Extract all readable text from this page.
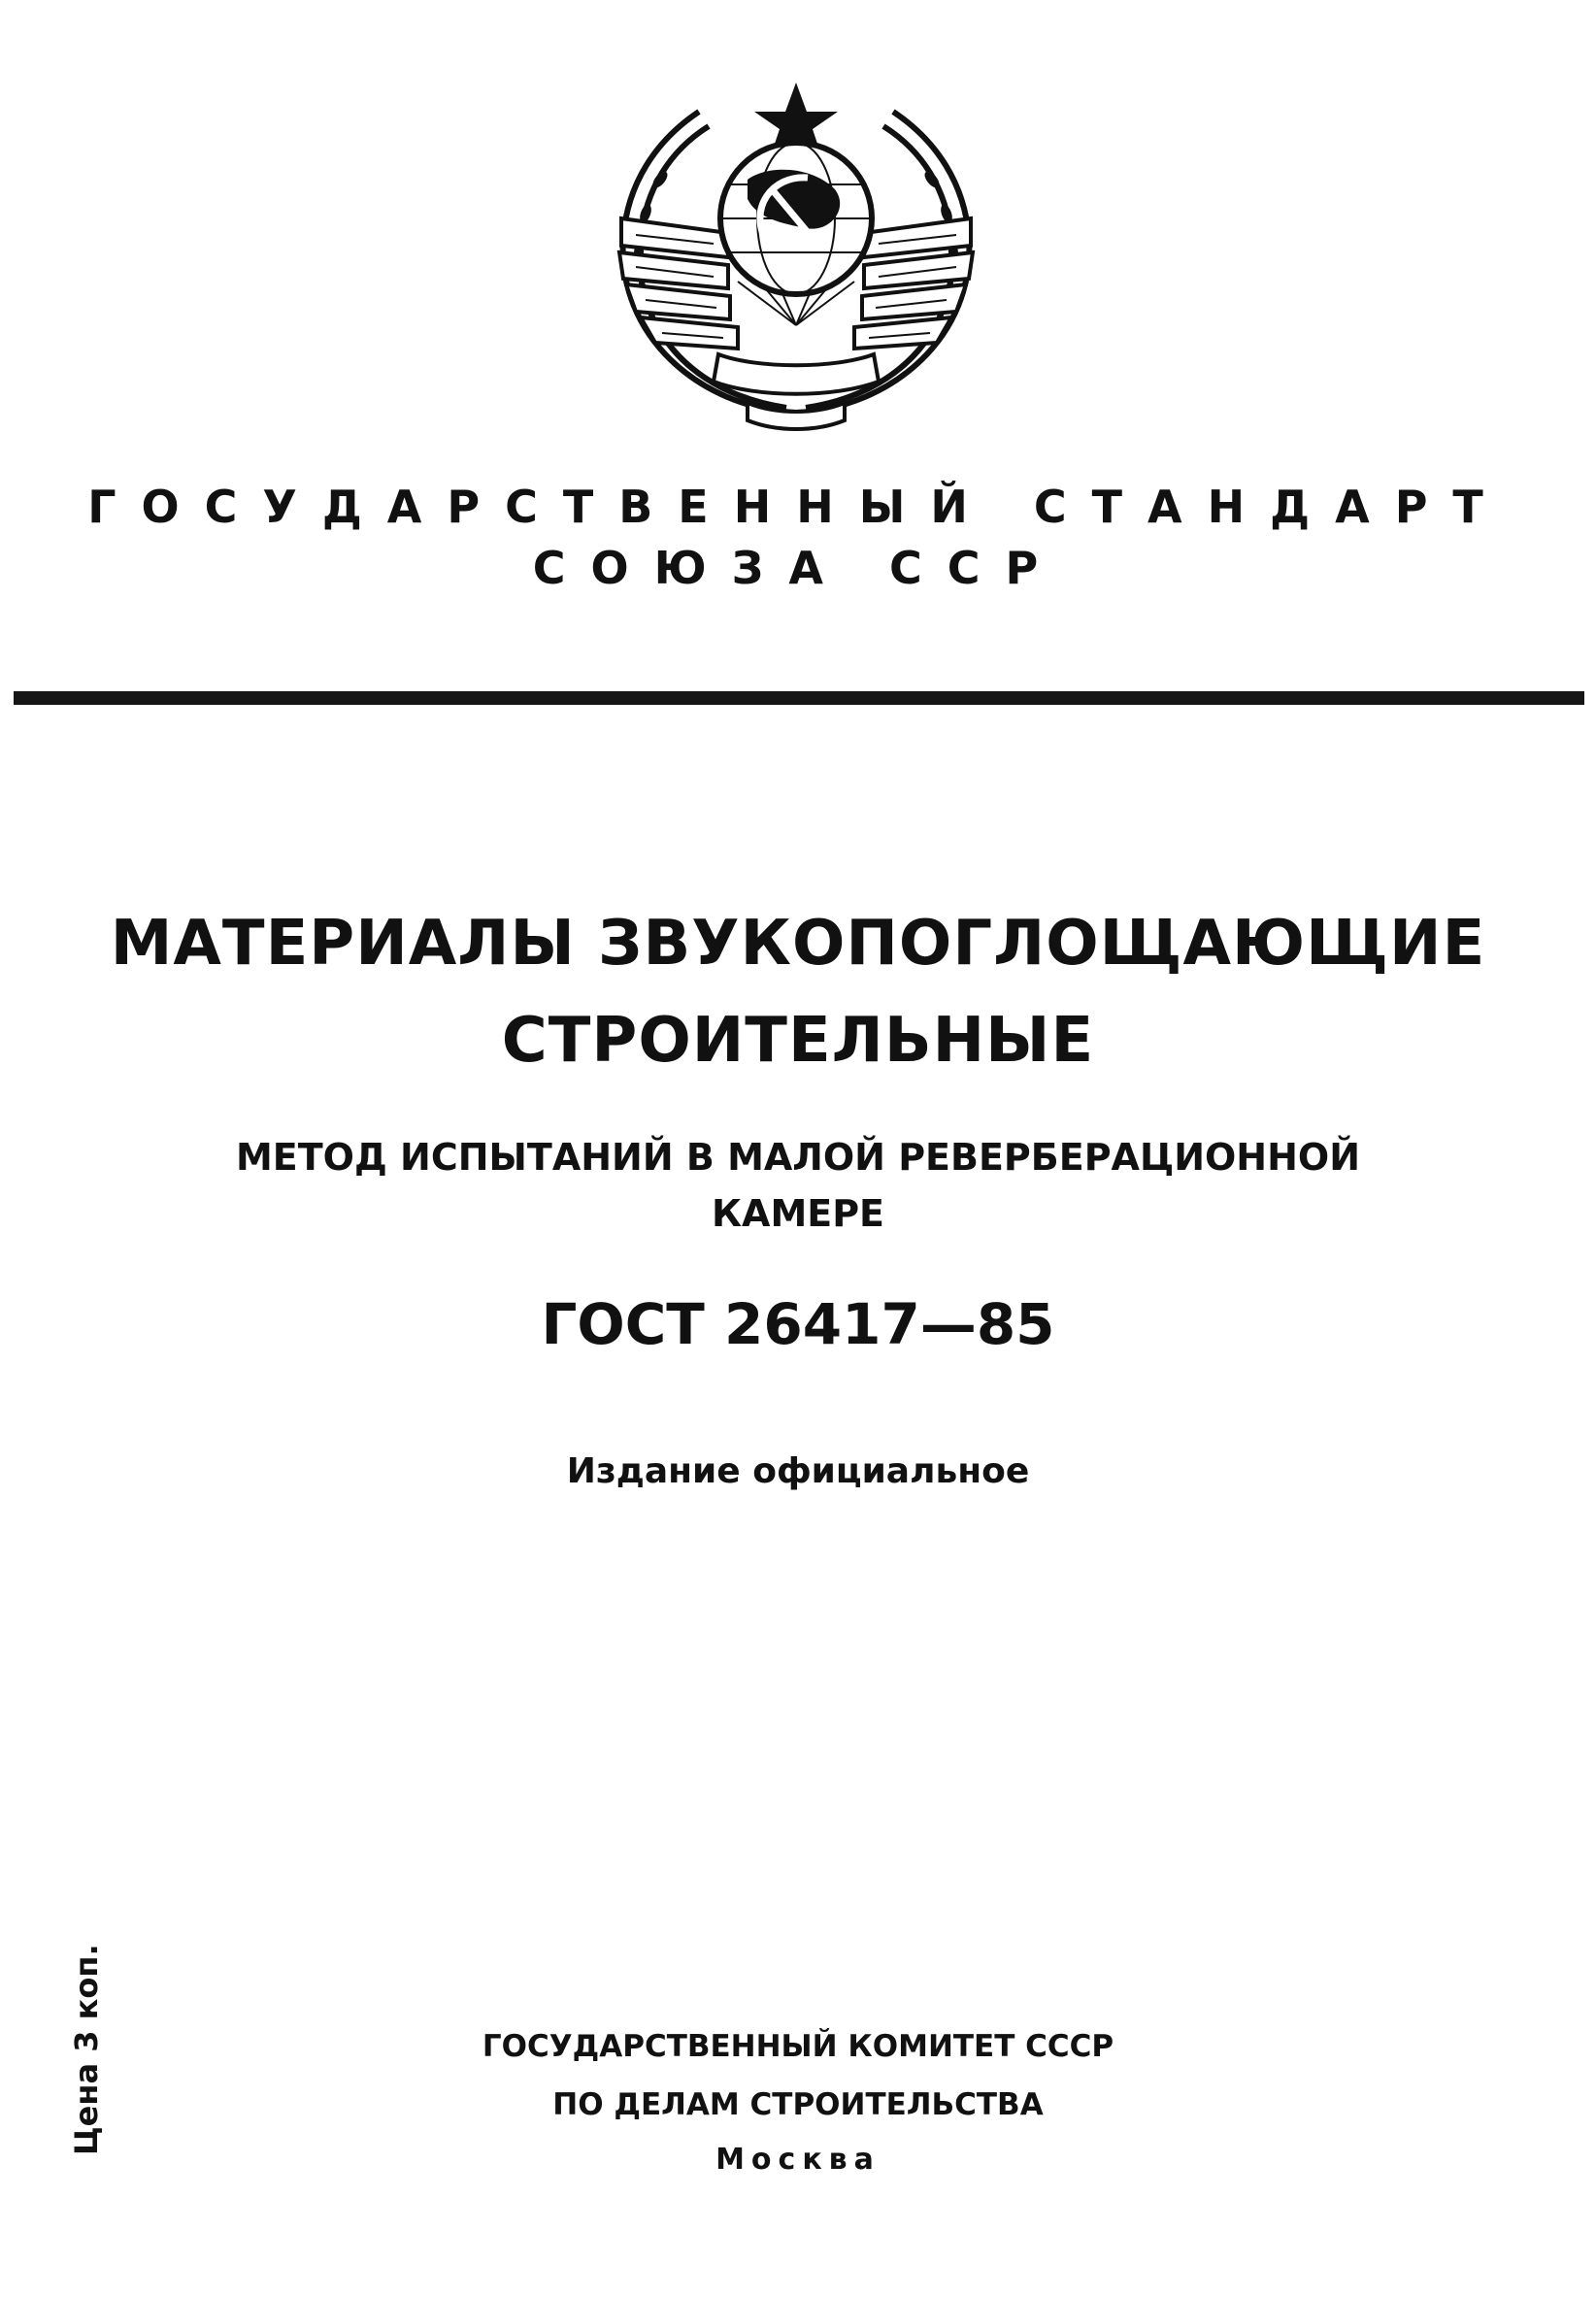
ГОСУДАРСТВЕННЫЙ СТАНДАРТ
СОЮЗА ССР
МАТЕРИАЛЫ ЗВУКОПОГЛОЩАЮЩИЕ
СТРОИТЕЛЬНЫЕ
МЕТОД ИСПЫТАНИЙ В МАЛОЙ РЕВЕРБЕРАЦИОННОЙ
КАМЕРЕ
ГОСТ 26417—85
Издание официальное
Цена 3 коп.	ГОСУДАРСТВЕННЫЙ КОМИТЕТ СССР
ПО ДЕЛАМ СТРОИТЕЛЬСТВА
Москва
